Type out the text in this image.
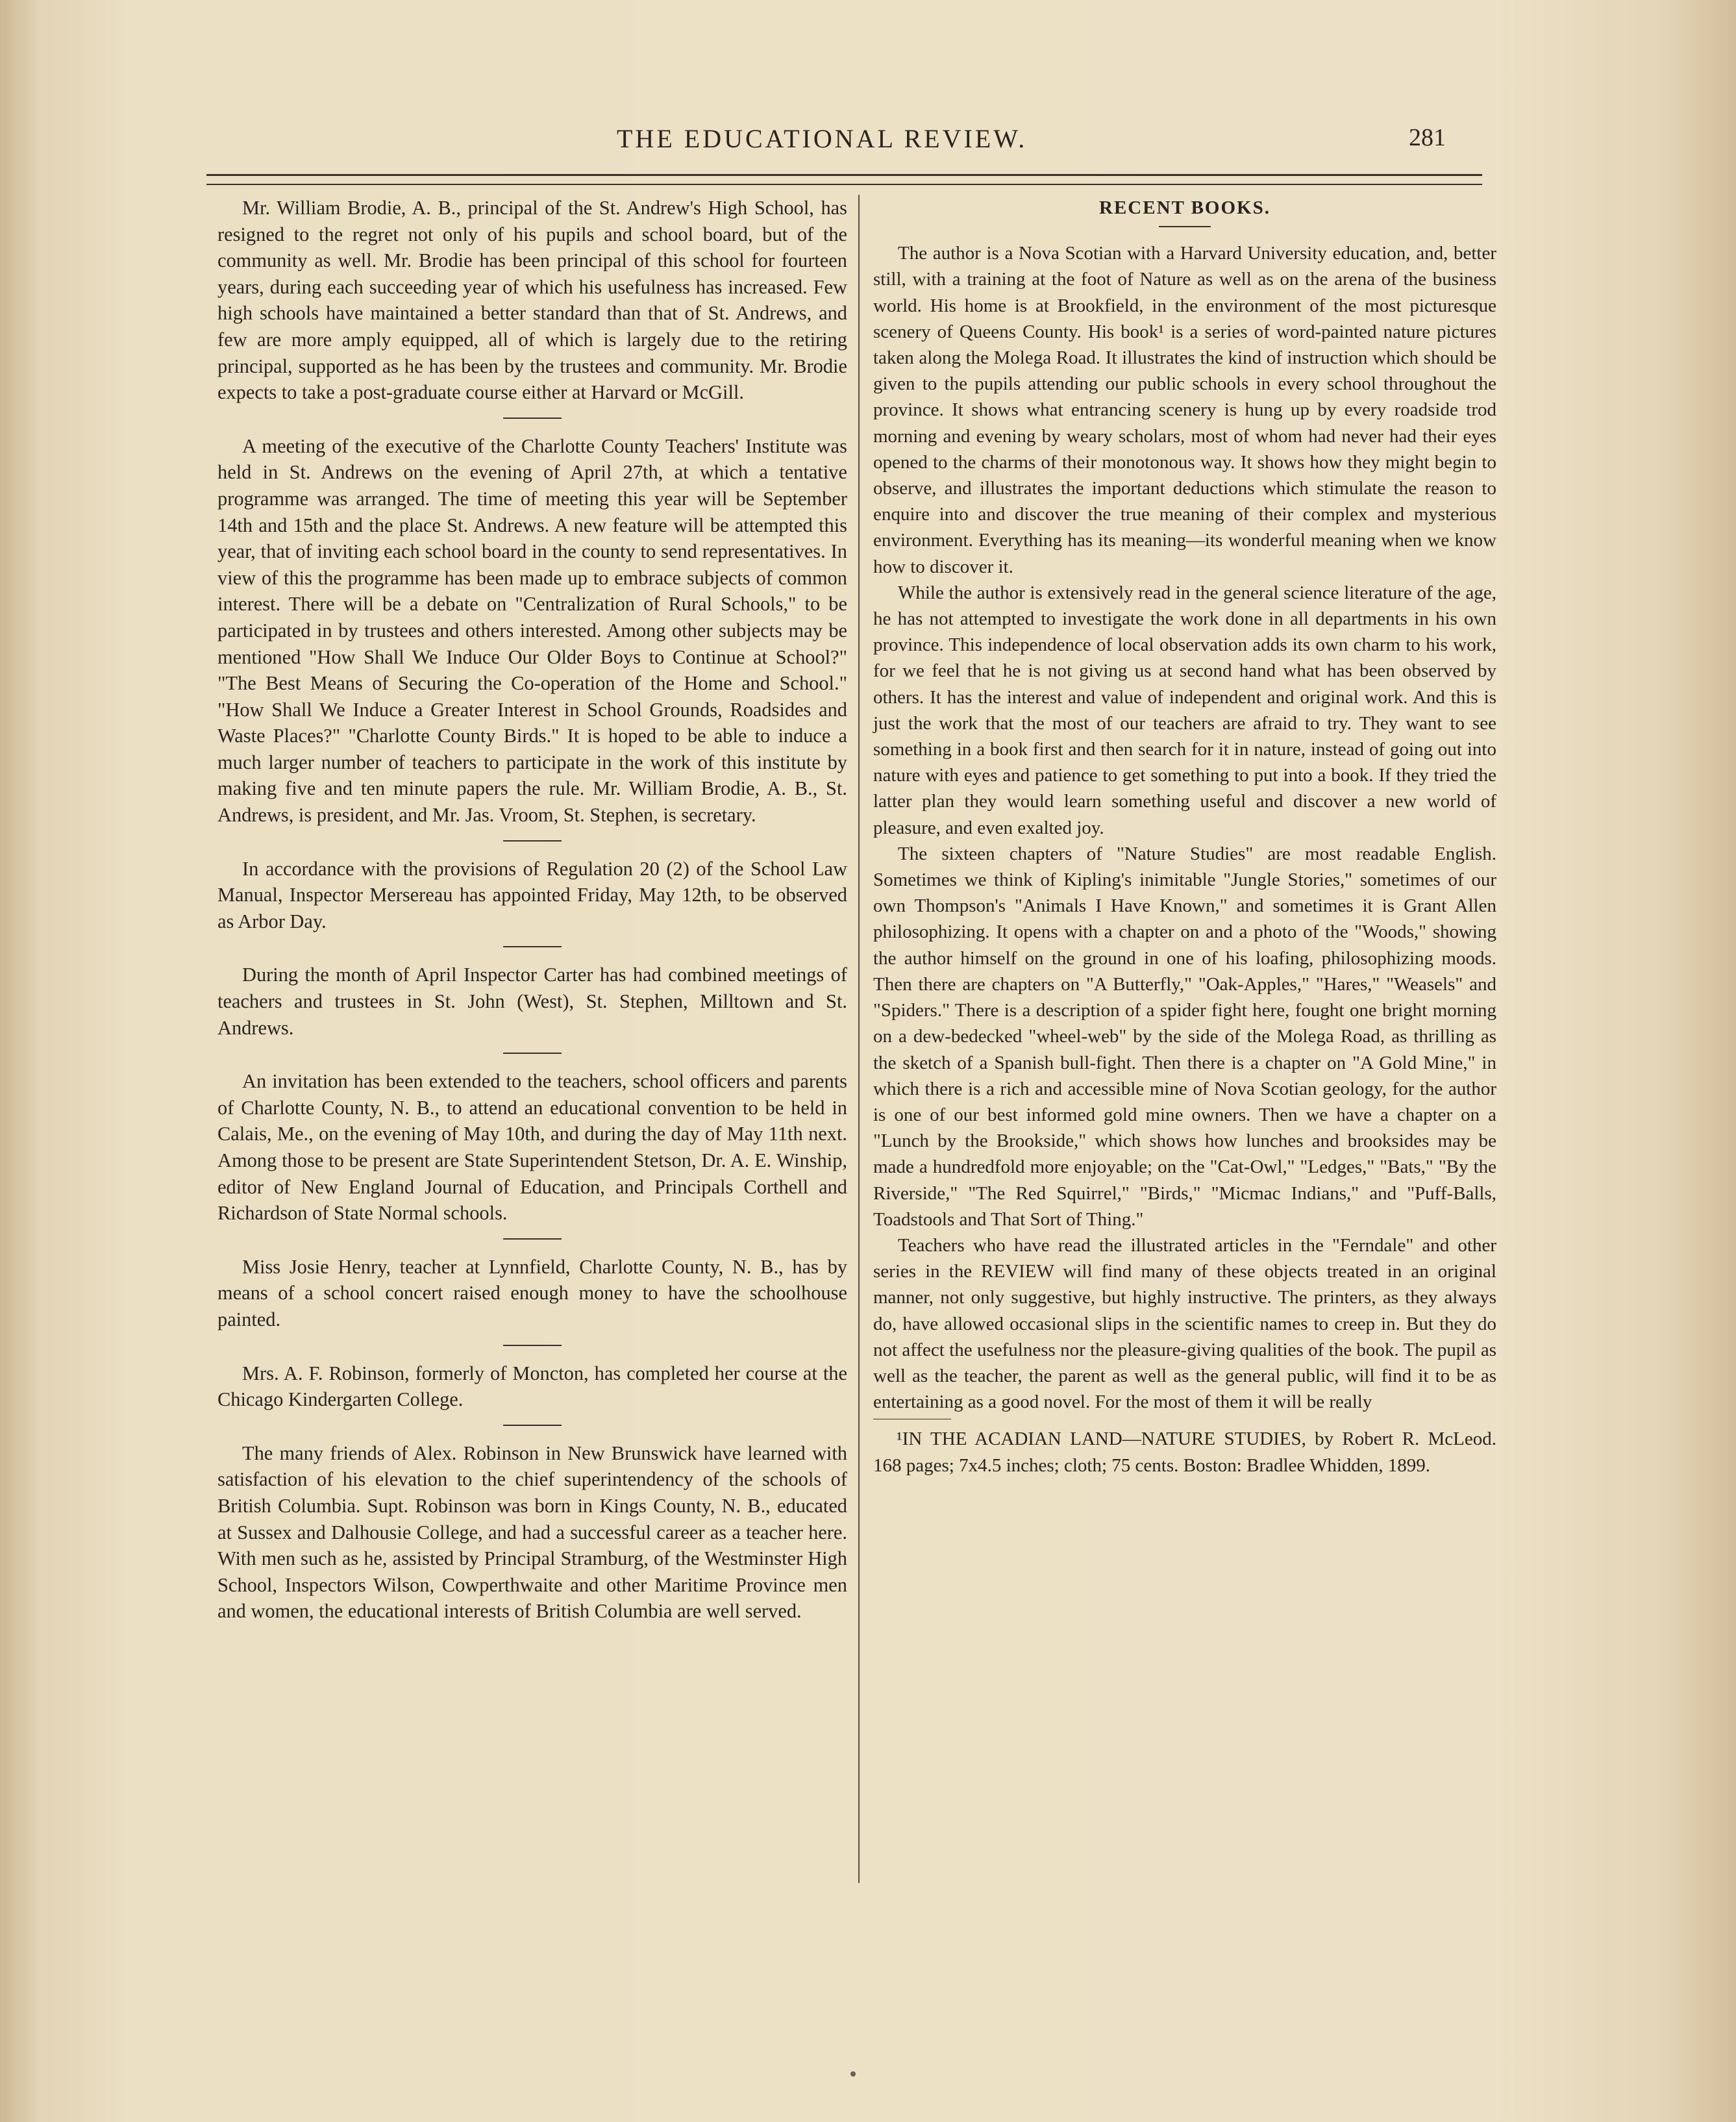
THE EDUCATIONAL REVIEW.	281

Mr. William Brodie, A. B., principal of the St. Andrew's High School, has resigned to the regret not only of his pupils and school board, but of the community as well. Mr. Brodie has been principal of this school for fourteen years, during each succeeding year of which his usefulness has increased. Few high schools have maintained a better standard than that of St. Andrews, and few are more amply equipped, all of which is largely due to the retiring principal, supported as he has been by the trustees and community. Mr. Brodie expects to take a post-graduate course either at Harvard or McGill.

A meeting of the executive of the Charlotte County Teachers' Institute was held in St. Andrews on the evening of April 27th, at which a tentative programme was arranged. The time of meeting this year will be September 14th and 15th and the place St. Andrews. A new feature will be attempted this year, that of inviting each school board in the county to send representatives. In view of this the programme has been made up to embrace subjects of common interest. There will be a debate on "Centralization of Rural Schools," to be participated in by trustees and others interested. Among other subjects may be mentioned "How Shall We Induce Our Older Boys to Continue at School?" "The Best Means of Securing the Co-operation of the Home and School." "How Shall We Induce a Greater Interest in School Grounds, Roadsides and Waste Places?" "Charlotte County Birds." It is hoped to be able to induce a much larger number of teachers to participate in the work of this institute by making five and ten minute papers the rule. Mr. William Brodie, A. B., St. Andrews, is president, and Mr. Jas. Vroom, St. Stephen, is secretary.

In accordance with the provisions of Regulation 20 (2) of the School Law Manual, Inspector Mersereau has appointed Friday, May 12th, to be observed as Arbor Day.

During the month of April Inspector Carter has had combined meetings of teachers and trustees in St. John (West), St. Stephen, Milltown and St. Andrews.

An invitation has been extended to the teachers, school officers and parents of Charlotte County, N. B., to attend an educational convention to be held in Calais, Me., on the evening of May 10th, and during the day of May 11th next. Among those to be present are State Superintendent Stetson, Dr. A. E. Winship, editor of New England Journal of Education, and Principals Corthell and Richardson of State Normal schools.

Miss Josie Henry, teacher at Lynnfield, Charlotte County, N. B., has by means of a school concert raised enough money to have the schoolhouse painted.

Mrs. A. F. Robinson, formerly of Moncton, has completed her course at the Chicago Kindergarten College.

The many friends of Alex. Robinson in New Brunswick have learned with satisfaction of his elevation to the chief superintendency of the schools of British Columbia. Supt. Robinson was born in Kings County, N. B., educated at Sussex and Dalhousie College, and had a successful career as a teacher here. With men such as he, assisted by Principal Stramburg, of the Westminster High School, Inspectors Wilson, Cowperthwaite and other Maritime Province men and women, the educational interests of British Columbia are well served.

RECENT BOOKS.

The author is a Nova Scotian with a Harvard University education, and, better still, with a training at the foot of Nature as well as on the arena of the business world. His home is at Brookfield, in the environment of the most picturesque scenery of Queens County. His book¹ is a series of word-painted nature pictures taken along the Molega Road. It illustrates the kind of instruction which should be given to the pupils attending our public schools in every school throughout the province. It shows what entrancing scenery is hung up by every roadside trod morning and evening by weary scholars, most of whom had never had their eyes opened to the charms of their monotonous way. It shows how they might begin to observe, and illustrates the important deductions which stimulate the reason to enquire into and discover the true meaning of their complex and mysterious environment. Everything has its meaning—its wonderful meaning when we know how to discover it.

While the author is extensively read in the general science literature of the age, he has not attempted to investigate the work done in all departments in his own province. This independence of local observation adds its own charm to his work, for we feel that he is not giving us at second hand what has been observed by others. It has the interest and value of independent and original work. And this is just the work that the most of our teachers are afraid to try. They want to see something in a book first and then search for it in nature, instead of going out into nature with eyes and patience to get something to put into a book. If they tried the latter plan they would learn something useful and discover a new world of pleasure, and even exalted joy.

The sixteen chapters of "Nature Studies" are most readable English. Sometimes we think of Kipling's inimitable "Jungle Stories," sometimes of our own Thompson's "Animals I Have Known," and sometimes it is Grant Allen philosophizing. It opens with a chapter on and a photo of the "Woods," showing the author himself on the ground in one of his loafing, philosophizing moods. Then there are chapters on "A Butterfly," "Oak-Apples," "Hares," "Weasels" and "Spiders." There is a description of a spider fight here, fought one bright morning on a dew-bedecked "wheel-web" by the side of the Molega Road, as thrilling as the sketch of a Spanish bull-fight. Then there is a chapter on "A Gold Mine," in which there is a rich and accessible mine of Nova Scotian geology, for the author is one of our best informed gold mine owners. Then we have a chapter on a "Lunch by the Brookside," which shows how lunches and brooksides may be made a hundredfold more enjoyable; on the "Cat-Owl," "Ledges," "Bats," "By the Riverside," "The Red Squirrel," "Birds," "Micmac Indians," and "Puff-Balls, Toadstools and That Sort of Thing."

Teachers who have read the illustrated articles in the "Ferndale" and other series in the REVIEW will find many of these objects treated in an original manner, not only suggestive, but highly instructive. The printers, as they always do, have allowed occasional slips in the scientific names to creep in. But they do not affect the usefulness nor the pleasure-giving qualities of the book. The pupil as well as the teacher, the parent as well as the general public, will find it to be as entertaining as a good novel. For the most of them it will be really

¹IN THE ACADIAN LAND—NATURE STUDIES, by Robert R. McLeod. 168 pages; 7x4.5 inches; cloth; 75 cents. Boston: Bradlee Whidden, 1899.
